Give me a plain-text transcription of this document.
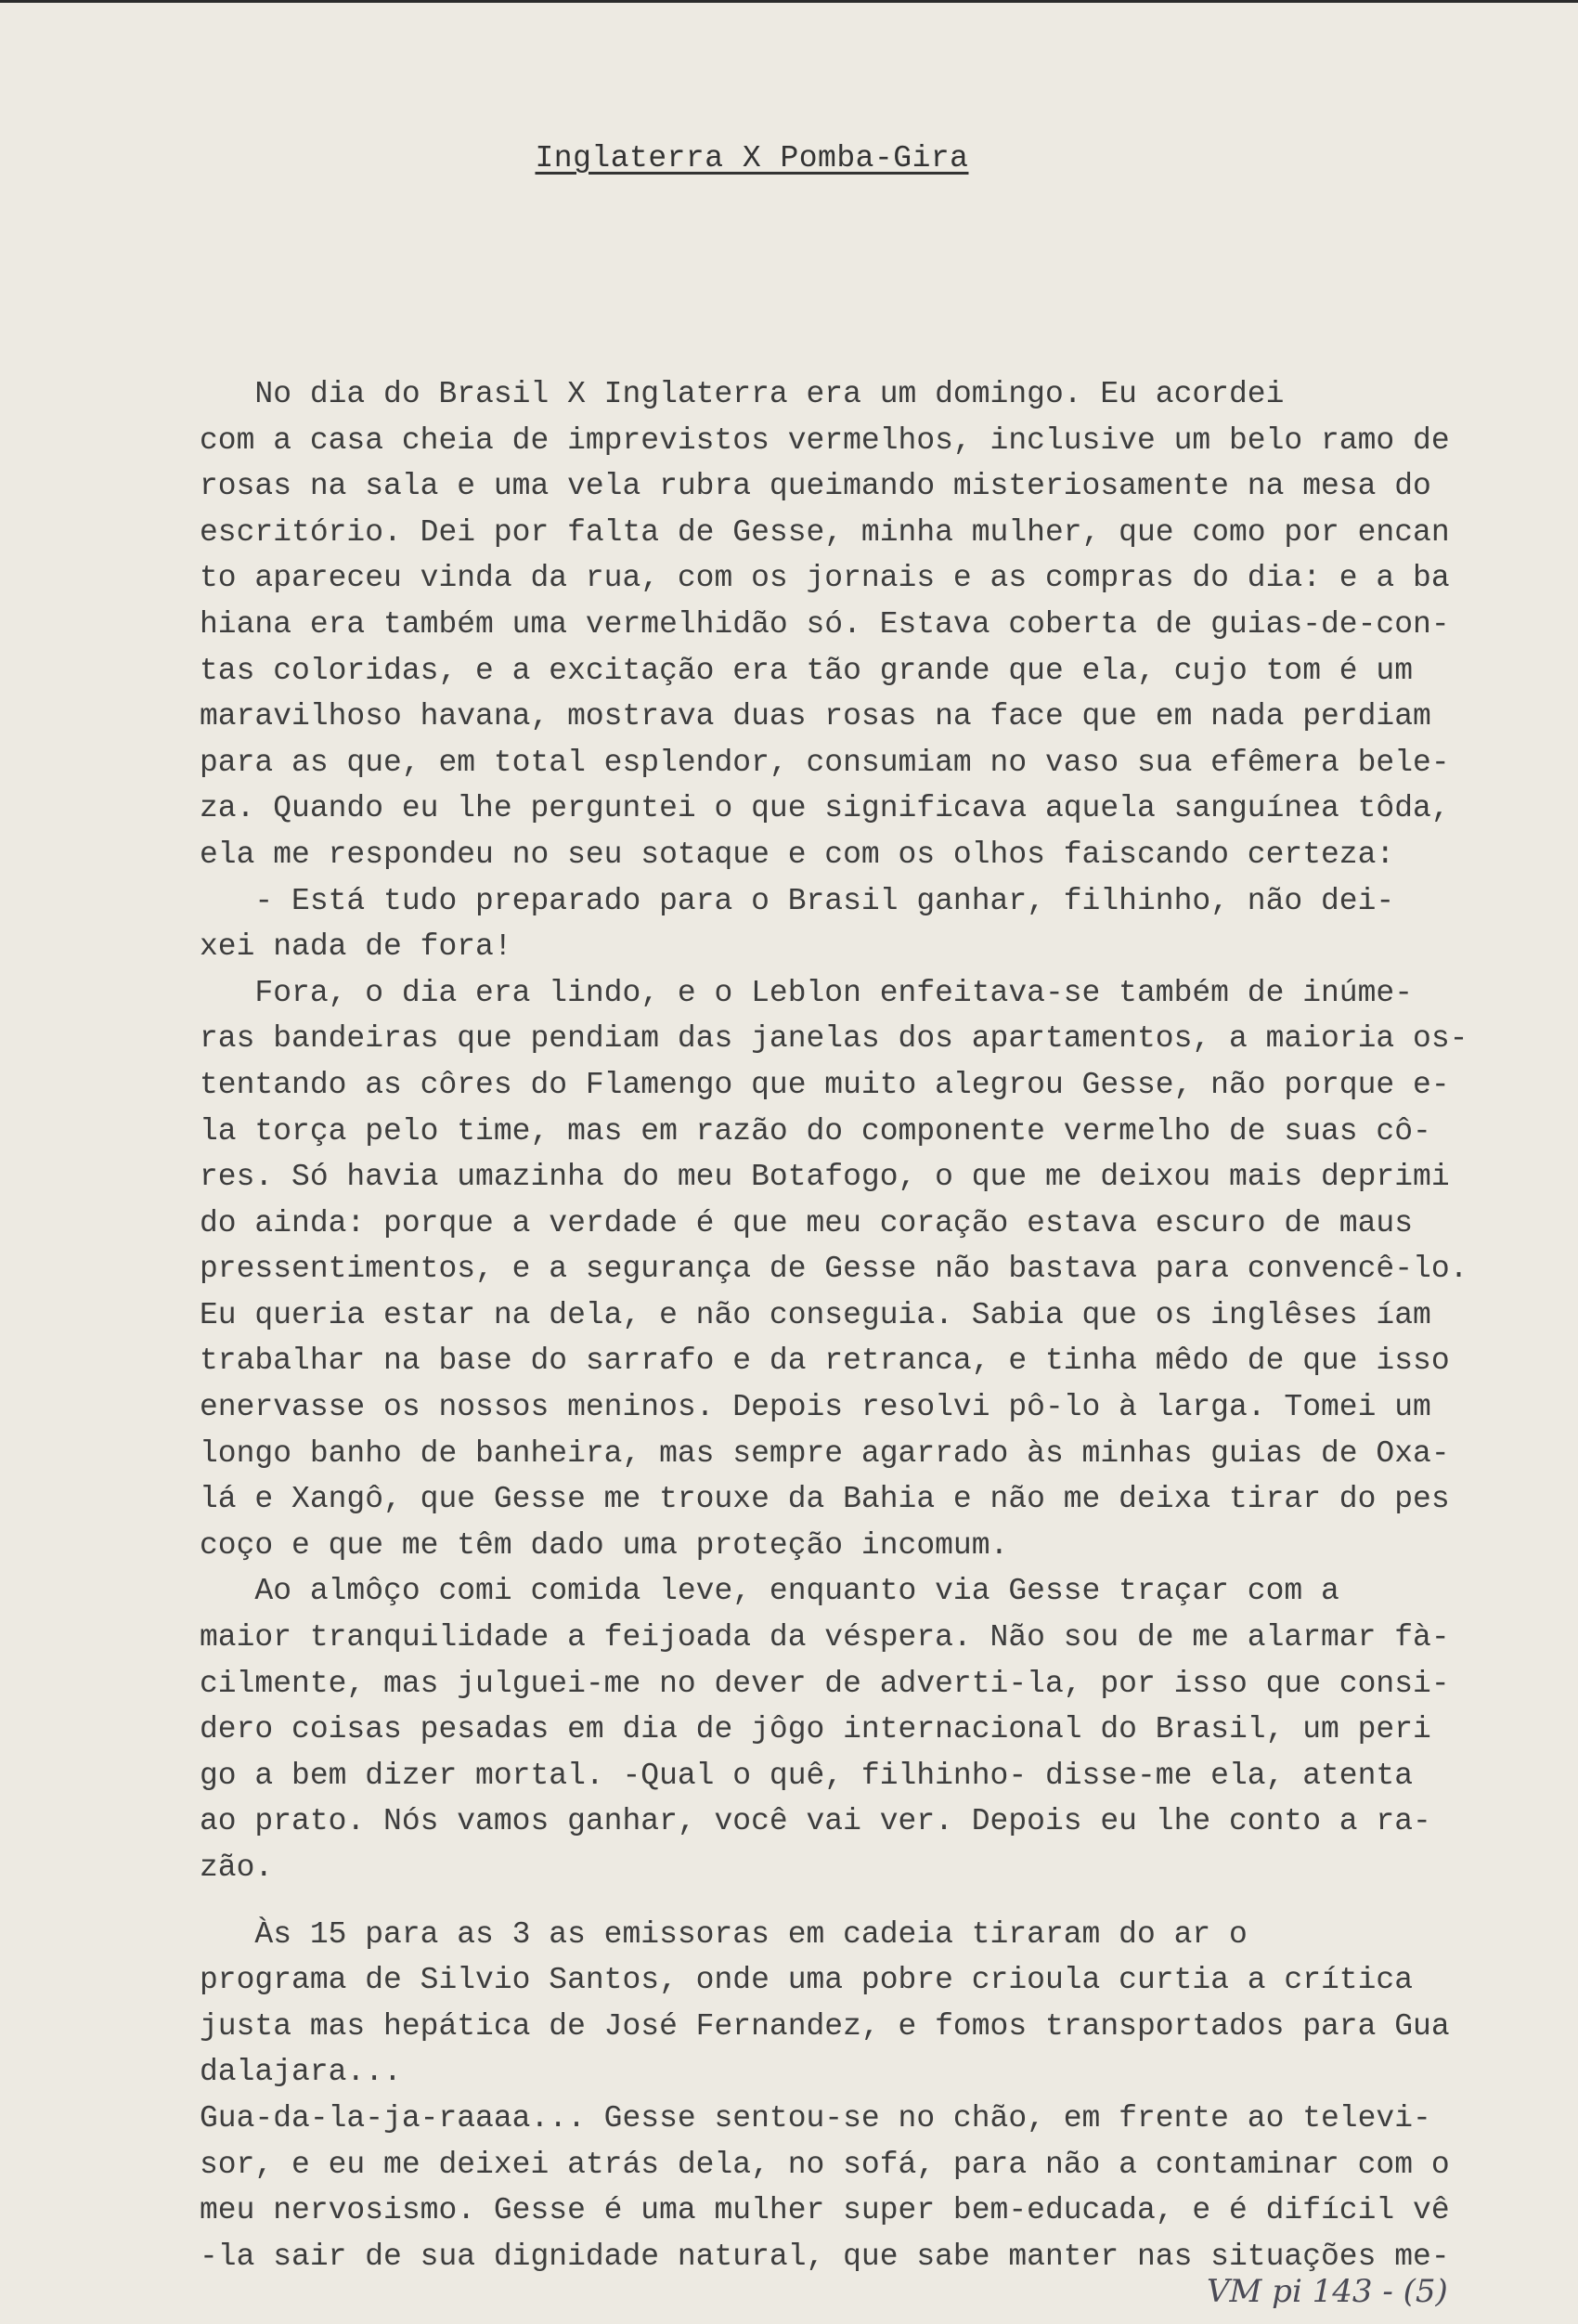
Inglaterra X Pomba-Gira
No dia do Brasil X Inglaterra era um domingo. Eu acordei
com a casa cheia de imprevistos vermelhos, inclusive um belo ramo de
rosas na sala e uma vela rubra queimando misteriosamente na mesa do
escritório. Dei por falta de Gesse, minha mulher, que como por encan
to apareceu vinda da rua, com os jornais e as compras do dia: e a ba
hiana era também uma vermelhidão só. Estava coberta de guias-de-con-
tas coloridas, e a excitação era tão grande que ela, cujo tom é um
maravilhoso havana, mostrava duas rosas na face que em nada perdiam
para as que, em total esplendor, consumiam no vaso sua efêmera bele-
za. Quando eu lhe perguntei o que significava aquela sanguínea tôda,
ela me respondeu no seu sotaque e com os olhos faiscando certeza:
- Está tudo preparado para o Brasil ganhar, filhinho, não dei-
xei nada de fora!
Fora, o dia era lindo, e o Leblon enfeitava-se também de inúme-
ras bandeiras que pendiam das janelas dos apartamentos, a maioria os-
tentando as côres do Flamengo que muito alegrou Gesse, não porque e-
la torça pelo time, mas em razão do componente vermelho de suas cô-
res. Só havia umazinha do meu Botafogo, o que me deixou mais deprimi
do ainda: porque a verdade é que meu coração estava escuro de maus
pressentimentos, e a segurança de Gesse não bastava para convencê-lo.
Eu queria estar na dela, e não conseguia. Sabia que os inglêses íam
trabalhar na base do sarrafo e da retranca, e tinha mêdo de que isso
enervasse os nossos meninos. Depois resolvi pô-lo à larga. Tomei um
longo banho de banheira, mas sempre agarrado às minhas guias de Oxa-
lá e Xangô, que Gesse me trouxe da Bahia e não me deixa tirar do pes
coço e que me têm dado uma proteção incomum.
Ao almôço comi comida leve, enquanto via Gesse traçar com a
maior tranquilidade a feijoada da véspera. Não sou de me alarmar fà-
cilmente, mas julguei-me no dever de adverti-la, por isso que consi-
dero coisas pesadas em dia de jôgo internacional do Brasil, um peri
go a bem dizer mortal. -Qual o quê, filhinho- disse-me ela, atenta
ao prato. Nós vamos ganhar, você vai ver. Depois eu lhe conto a ra-
zão.
Às 15 para as 3 as emissoras em cadeia tiraram do ar o
programa de Silvio Santos, onde uma pobre crioula curtia a crítica
justa mas hepática de José Fernandez, e fomos transportados para Gua
dalajara...
Gua-da-la-ja-raaaa... Gesse sentou-se no chão, em frente ao televi-
sor, e eu me deixei atrás dela, no sofá, para não a contaminar com o
meu nervosismo. Gesse é uma mulher super bem-educada, e é difícil vê
-la sair de sua dignidade natural, que sabe manter nas situações me-
VM pi 143 - (5)
